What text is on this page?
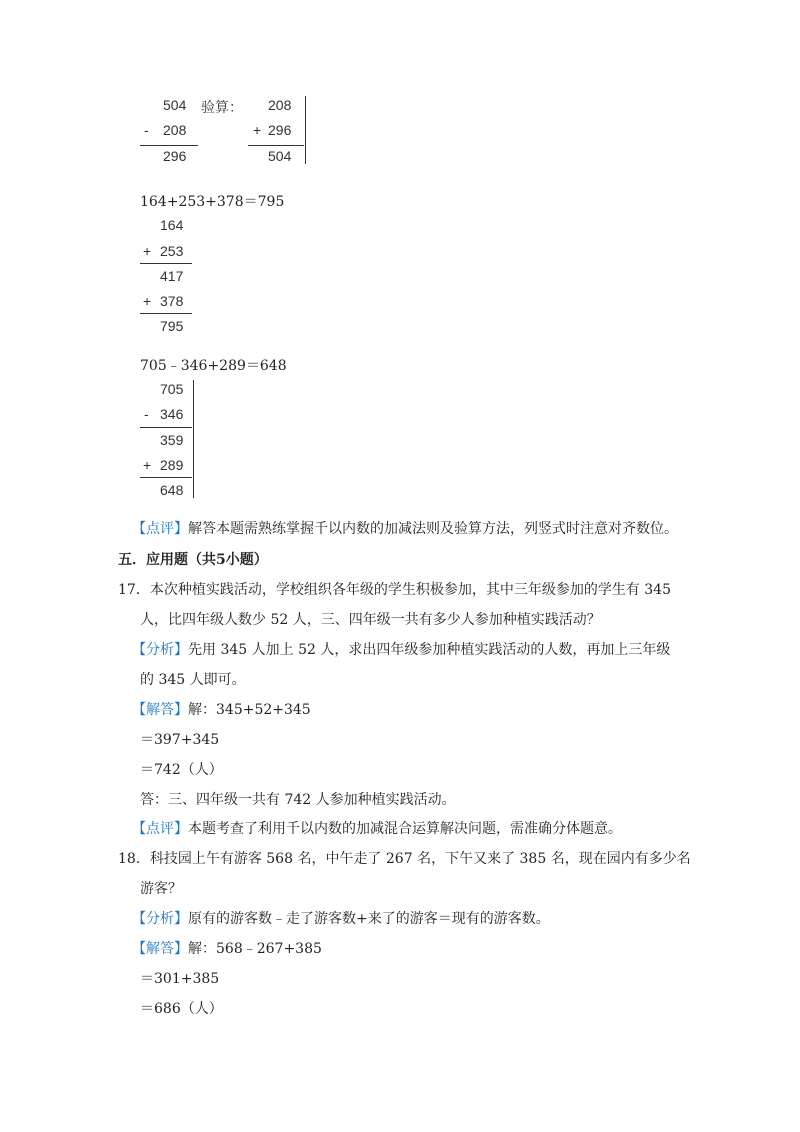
504 验算：
- 208
296
208
+ 296
504
164+253+378＝795
164
+ 253
417
+ 378
795
705﹣346+289＝648
705
- 346
359
+ 289
648
【点评】解答本题需熟练掌握千以内数的加减法则及验算方法，列竖式时注意对齐数位。
五．应用题（共5小题）
17．本次种植实践活动，学校组织各年级的学生积极参加，其中三年级参加的学生有 345
人，比四年级人数少 52 人，三、四年级一共有多少人参加种植实践活动？
【分析】先用 345 人加上 52 人，求出四年级参加种植实践活动的人数，再加上三年级
的 345 人即可。
【解答】解：345+52+345
＝397+345
＝742（人）
答：三、四年级一共有 742 人参加种植实践活动。
【点评】本题考查了利用千以内数的加减混合运算解决问题，需准确分体题意。
18．科技园上午有游客 568 名，中午走了 267 名，下午又来了 385 名，现在园内有多少名
游客？
【分析】原有的游客数﹣走了游客数+来了的游客＝现有的游客数。
【解答】解：568﹣267+385
＝301+385
＝686（人）
